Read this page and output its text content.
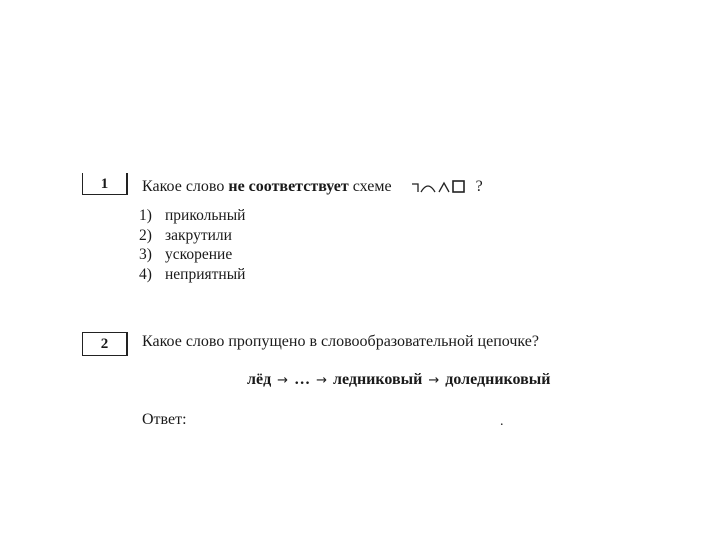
1	Какое слово не соответствует схеме	?
1) прикольный
2) закрутили
3) ускорение
4) неприятный
2	Какое слово пропущено в словообразовательной цепочке?
лёд → … → ледниковый → доледниковый
Ответ:	.
